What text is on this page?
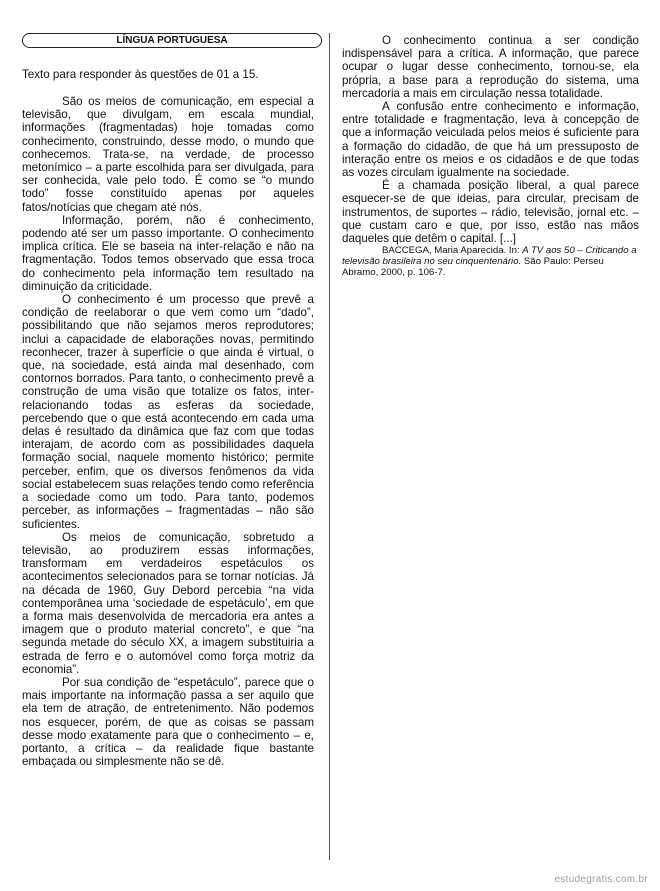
LÍNGUA PORTUGUESA
Texto para responder às questões de 01 a 15.

São os meios de comunicação, em especial a televisão, que divulgam, em escala mundial, informações (fragmentadas) hoje tomadas como conhecimento, construindo, desse modo, o mundo que conhecemos. Trata-se, na verdade, de processo metonímico – a parte escolhida para ser divulgada, para ser conhecida, vale pelo todo. É como se “o mundo todo” fosse constituído apenas por aqueles fatos/notícias que chegam até nós.

Informação, porém, não é conhecimento, podendo até ser um passo importante. O conhecimento implica crítica. Ele se baseia na inter-relação e não na fragmentação. Todos temos observado que essa troca do conhecimento pela informação tem resultado na diminuição da criticidade.

O conhecimento é um processo que prevê a condição de reelaborar o que vem como um “dado”, possibilitando que não sejamos meros reprodutores; inclui a capacidade de elaborações novas, permitindo reconhecer, trazer à superfície o que ainda é virtual, o que, na sociedade, está ainda mal desenhado, com contornos borrados. Para tanto, o conhecimento prevê a construção de uma visão que totalize os fatos, inter-relacionando todas as esferas da sociedade, percebendo que o que está acontecendo em cada uma delas é resultado da dinâmica que faz com que todas interajam, de acordo com as possibilidades daquela formação social, naquele momento histórico; permite perceber, enfim, que os diversos fenômenos da vida social estabelecem suas relações tendo como referência a sociedade como um todo. Para tanto, podemos perceber, as informações – fragmentadas – não são suficientes.

Os meios de comunicação, sobretudo a televisão, ao produzirem essas informações, transformam em verdadeiros espetáculos os acontecimentos selecionados para se tornar notícias. Já na década de 1960, Guy Debord percebia “na vida contemporânea uma ‘sociedade de espetáculo’, em que a forma mais desenvolvida de mercadoria era antes a imagem que o produto material concreto”, e que “na segunda metade do século XX, a imagem substituiria a estrada de ferro e o automóvel como força motriz da economia”.

Por sua condição de “espetáculo”, parece que o mais importante na informação passa a ser aquilo que ela tem de atração, de entretenimento. Não podemos nos esquecer, porém, de que as coisas se passam desse modo exatamente para que o conhecimento – e, portanto, a crítica – da realidade fique bastante embaçada ou simplesmente não se dê.

O conhecimento continua a ser condição indispensável para a crítica. A informação, que parece ocupar o lugar desse conhecimento, tornou-se, ela própria, a base para a reprodução do sistema, uma mercadoria a mais em circulação nessa totalidade.

A confusão entre conhecimento e informação, entre totalidade e fragmentação, leva à concepção de que a informação veiculada pelos meios é suficiente para a formação do cidadão, de que há um pressuposto de interação entre os meios e os cidadãos e de que todas as vozes circulam igualmente na sociedade.

É a chamada posição liberal, a qual parece esquecer-se de que ideias, para circular, precisam de instrumentos, de suportes – rádio, televisão, jornal etc. – que custam caro e que, por isso, estão nas mãos daqueles que detêm o capital. [...]

BACCEGA, Maria Aparecida. In: A TV aos 50 – Criticando a televisão brasileira no seu cinquentenário. São Paulo: Perseu Abramo, 2000, p. 106-7.

estudegratis.com.br
